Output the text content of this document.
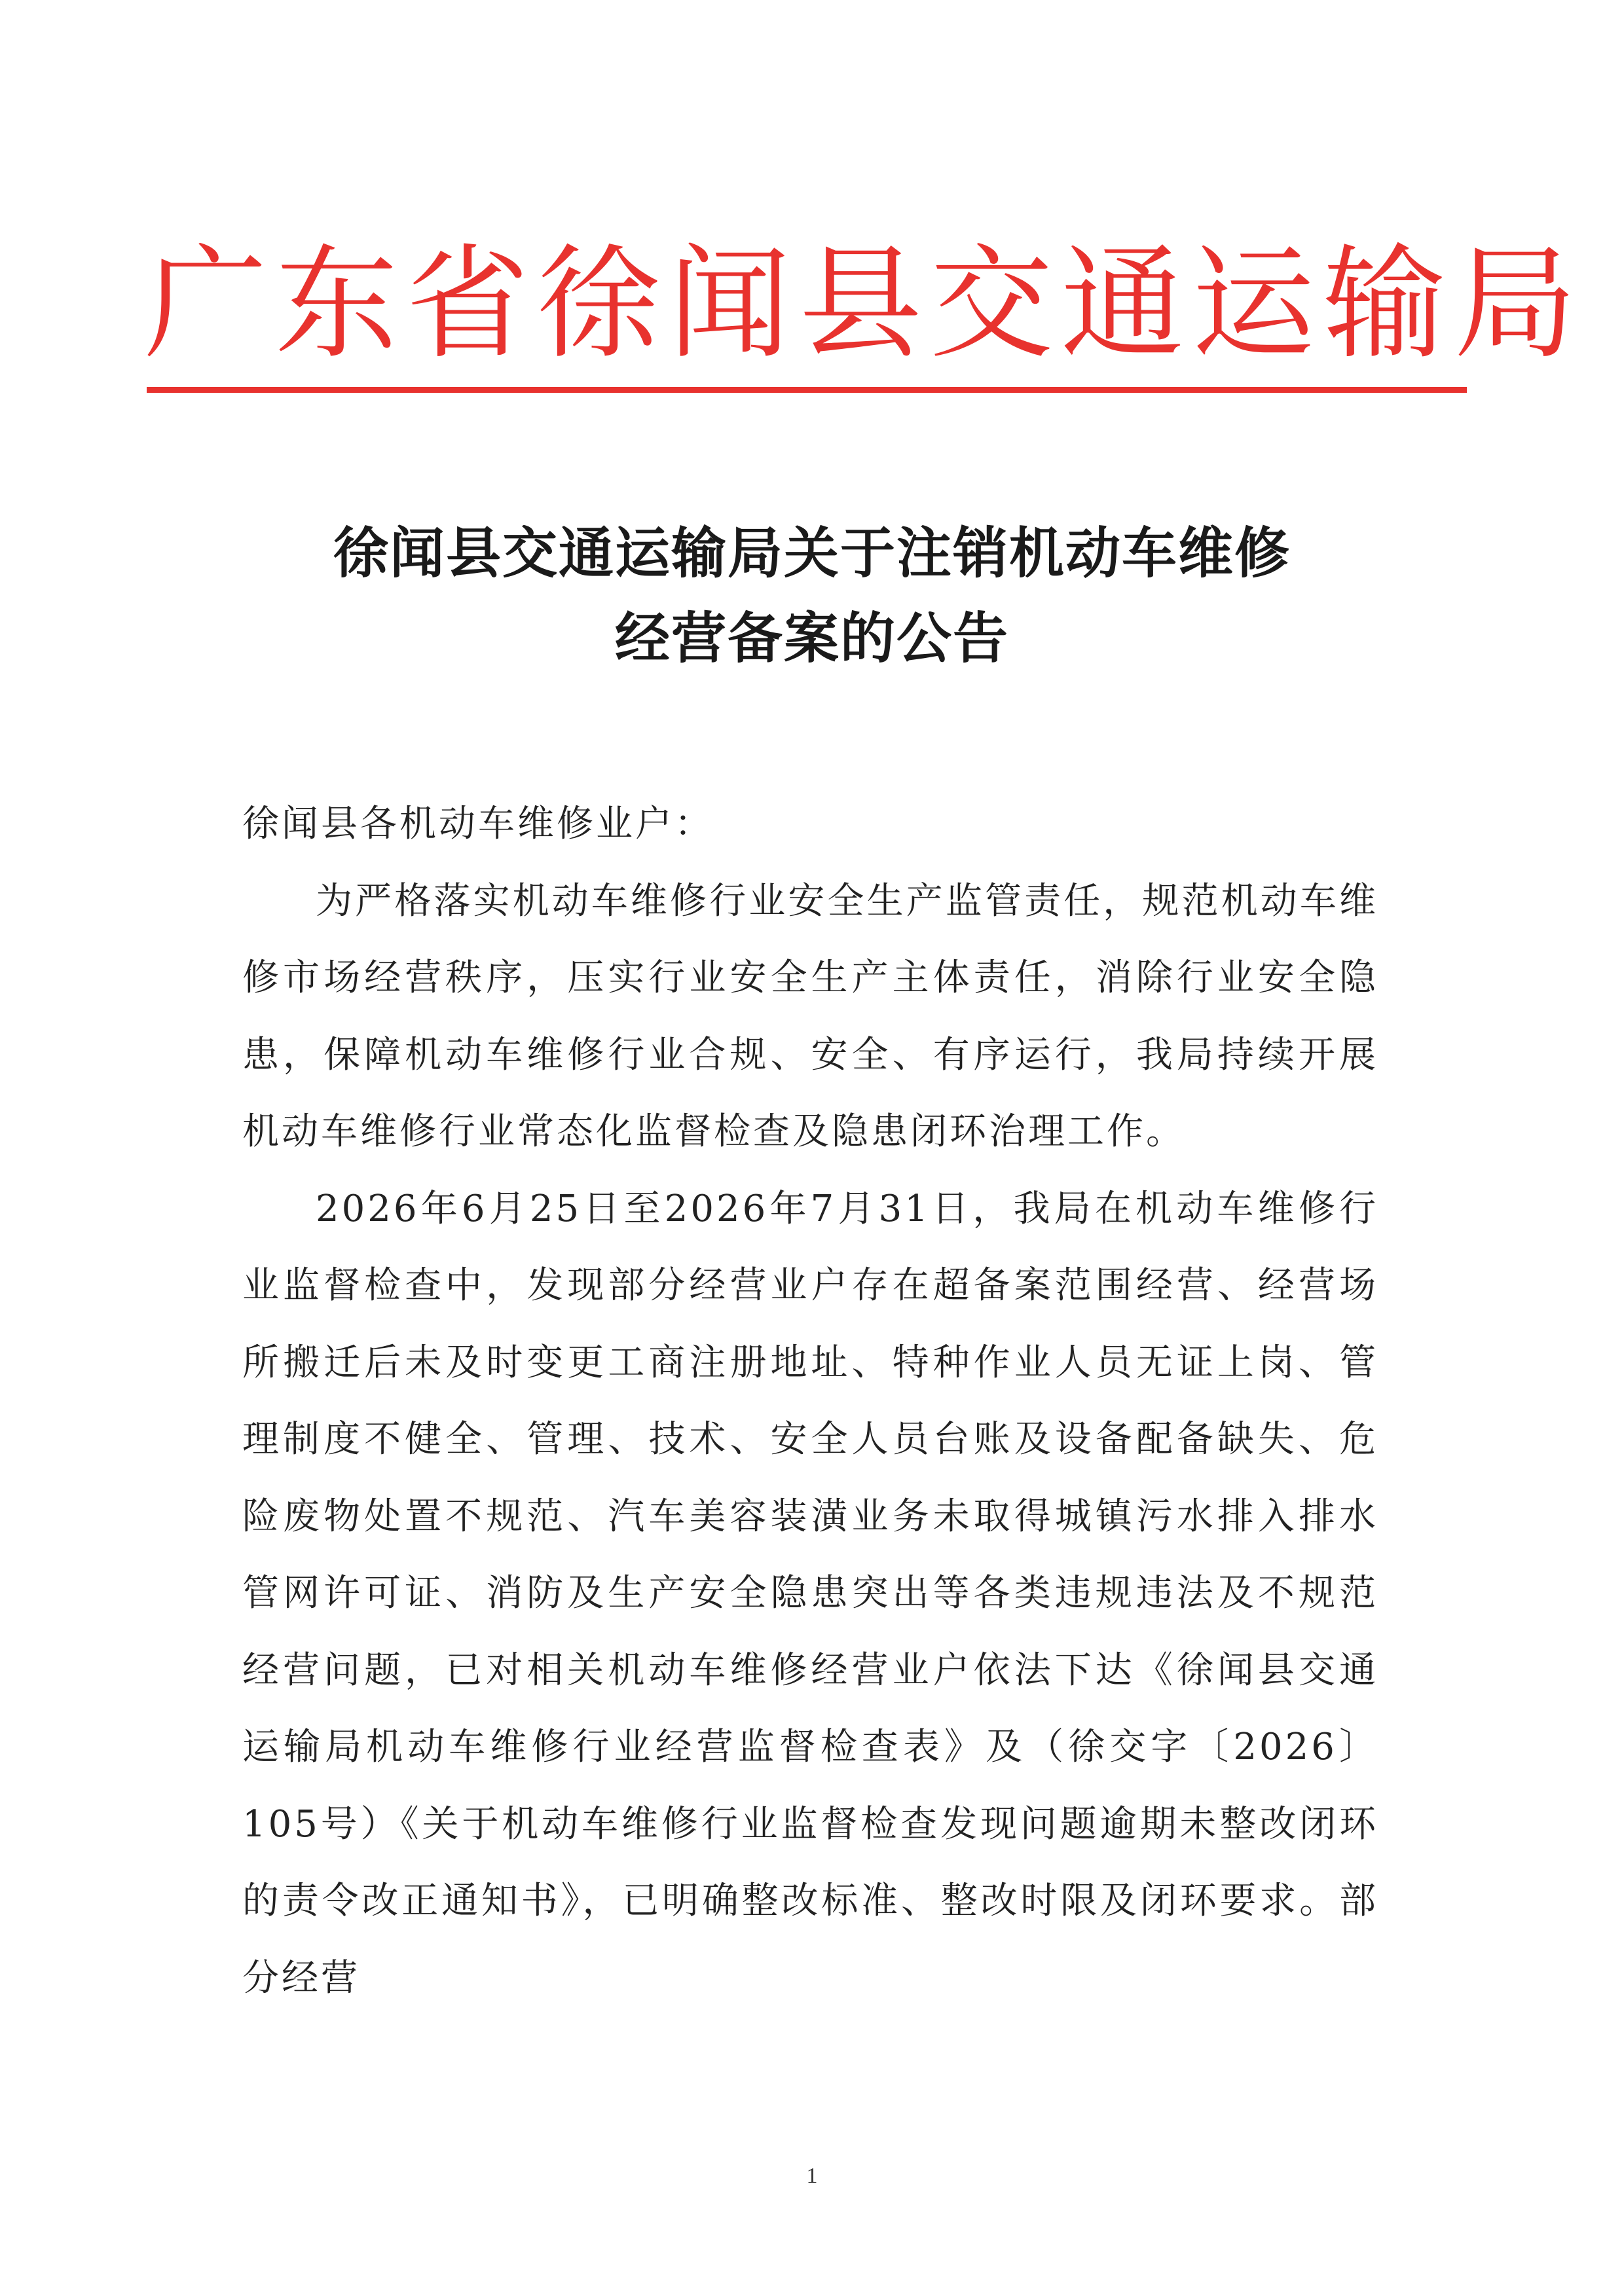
广东省徐闻县交通运输局
徐闻县交通运输局关于注销机动车维修
经营备案的公告

徐闻县各机动车维修业户：

为严格落实机动车维修行业安全生产监管责任，规范机动车维修市场经营秩序，压实行业安全生产主体责任，消除行业安全隐患，保障机动车维修行业合规、安全、有序运行，我局持续开展机动车维修行业常态化监督检查及隐患闭环治理工作。

2026年6月25日至2026年7月31日，我局在机动车维修行业监督检查中，发现部分经营业户存在超备案范围经营、经营场所搬迁后未及时变更工商注册地址、特种作业人员无证上岗、管理制度不健全、管理、技术、安全人员台账及设备配备缺失、危险废物处置不规范、汽车美容装潢业务未取得城镇污水排入排水管网许可证、消防及生产安全隐患突出等各类违规违法及不规范经营问题，已对相关机动车维修经营业户依法下达《徐闻县交通运输局机动车维修行业经营监督检查表》及（徐交字〔2026〕105号）《关于机动车维修行业监督检查发现问题逾期未整改闭环的责令改正通知书》，已明确整改标准、整改时限及闭环要求。部分经营

1
